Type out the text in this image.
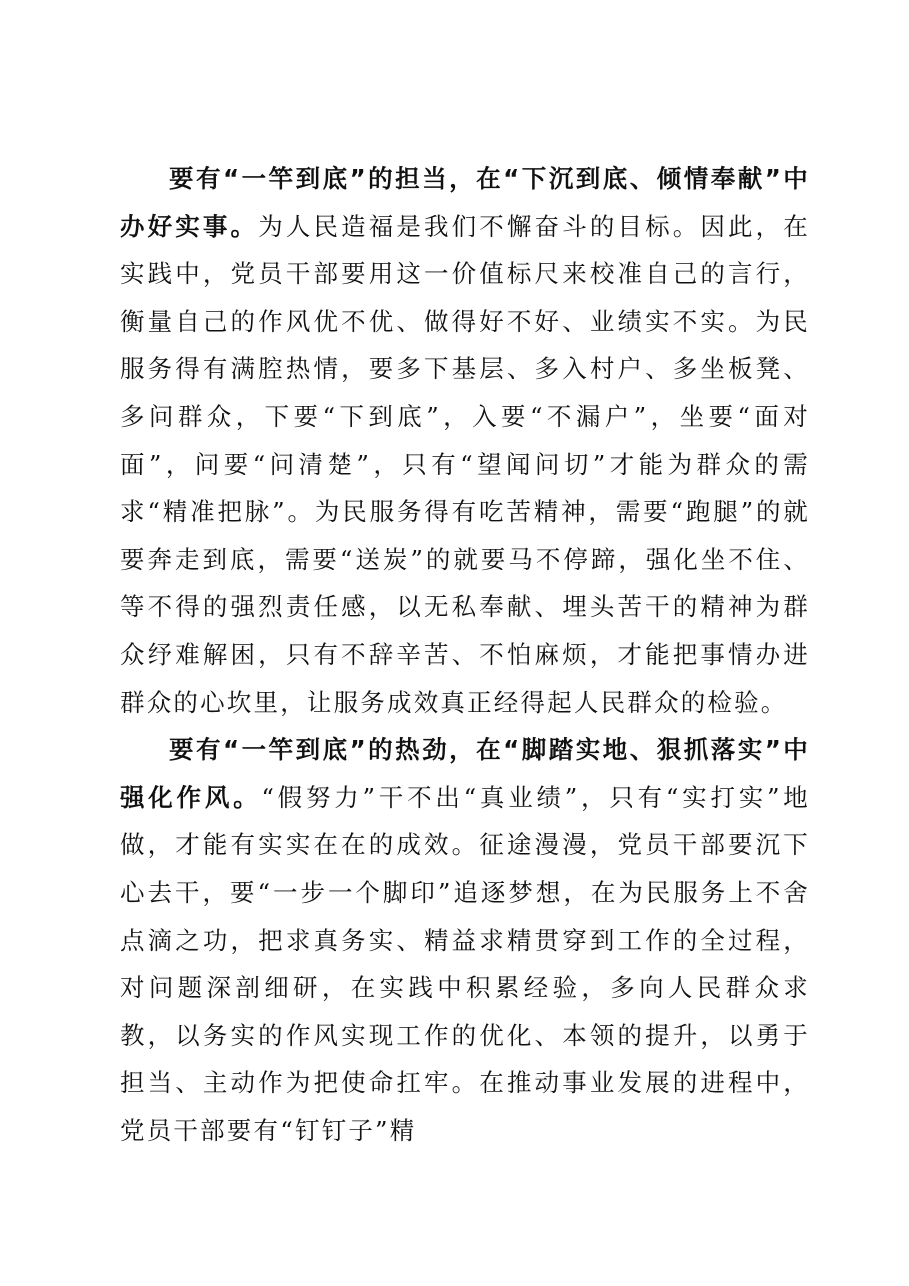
要有“一竿到底”的担当，在“下沉到底、倾情奉献”中办好实事。为人民造福是我们不懈奋斗的目标。因此，在实践中，党员干部要用这一价值标尺来校准自己的言行，衡量自己的作风优不优、做得好不好、业绩实不实。为民服务得有满腔热情，要多下基层、多入村户、多坐板凳、多问群众，下要“下到底”，入要“不漏户”，坐要“面对面”，问要“问清楚”，只有“望闻问切”才能为群众的需求“精准把脉”。为民服务得有吃苦精神，需要“跑腿”的就要奔走到底，需要“送炭”的就要马不停蹄，强化坐不住、等不得的强烈责任感，以无私奉献、埋头苦干的精神为群众纾难解困，只有不辞辛苦、不怕麻烦，才能把事情办进群众的心坎里，让服务成效真正经得起人民群众的检验。

要有“一竿到底”的热劲，在“脚踏实地、狠抓落实”中强化作风。“假努力”干不出“真业绩”，只有“实打实”地做，才能有实实在在的成效。征途漫漫，党员干部要沉下心去干，要“一步一个脚印”追逐梦想，在为民服务上不舍点滴之功，把求真务实、精益求精贯穿到工作的全过程，对问题深剖细研，在实践中积累经验，多向人民群众求教，以务实的作风实现工作的优化、本领的提升，以勇于担当、主动作为把使命扛牢。在推动事业发展的进程中，党员干部要有“钉钉子”精
